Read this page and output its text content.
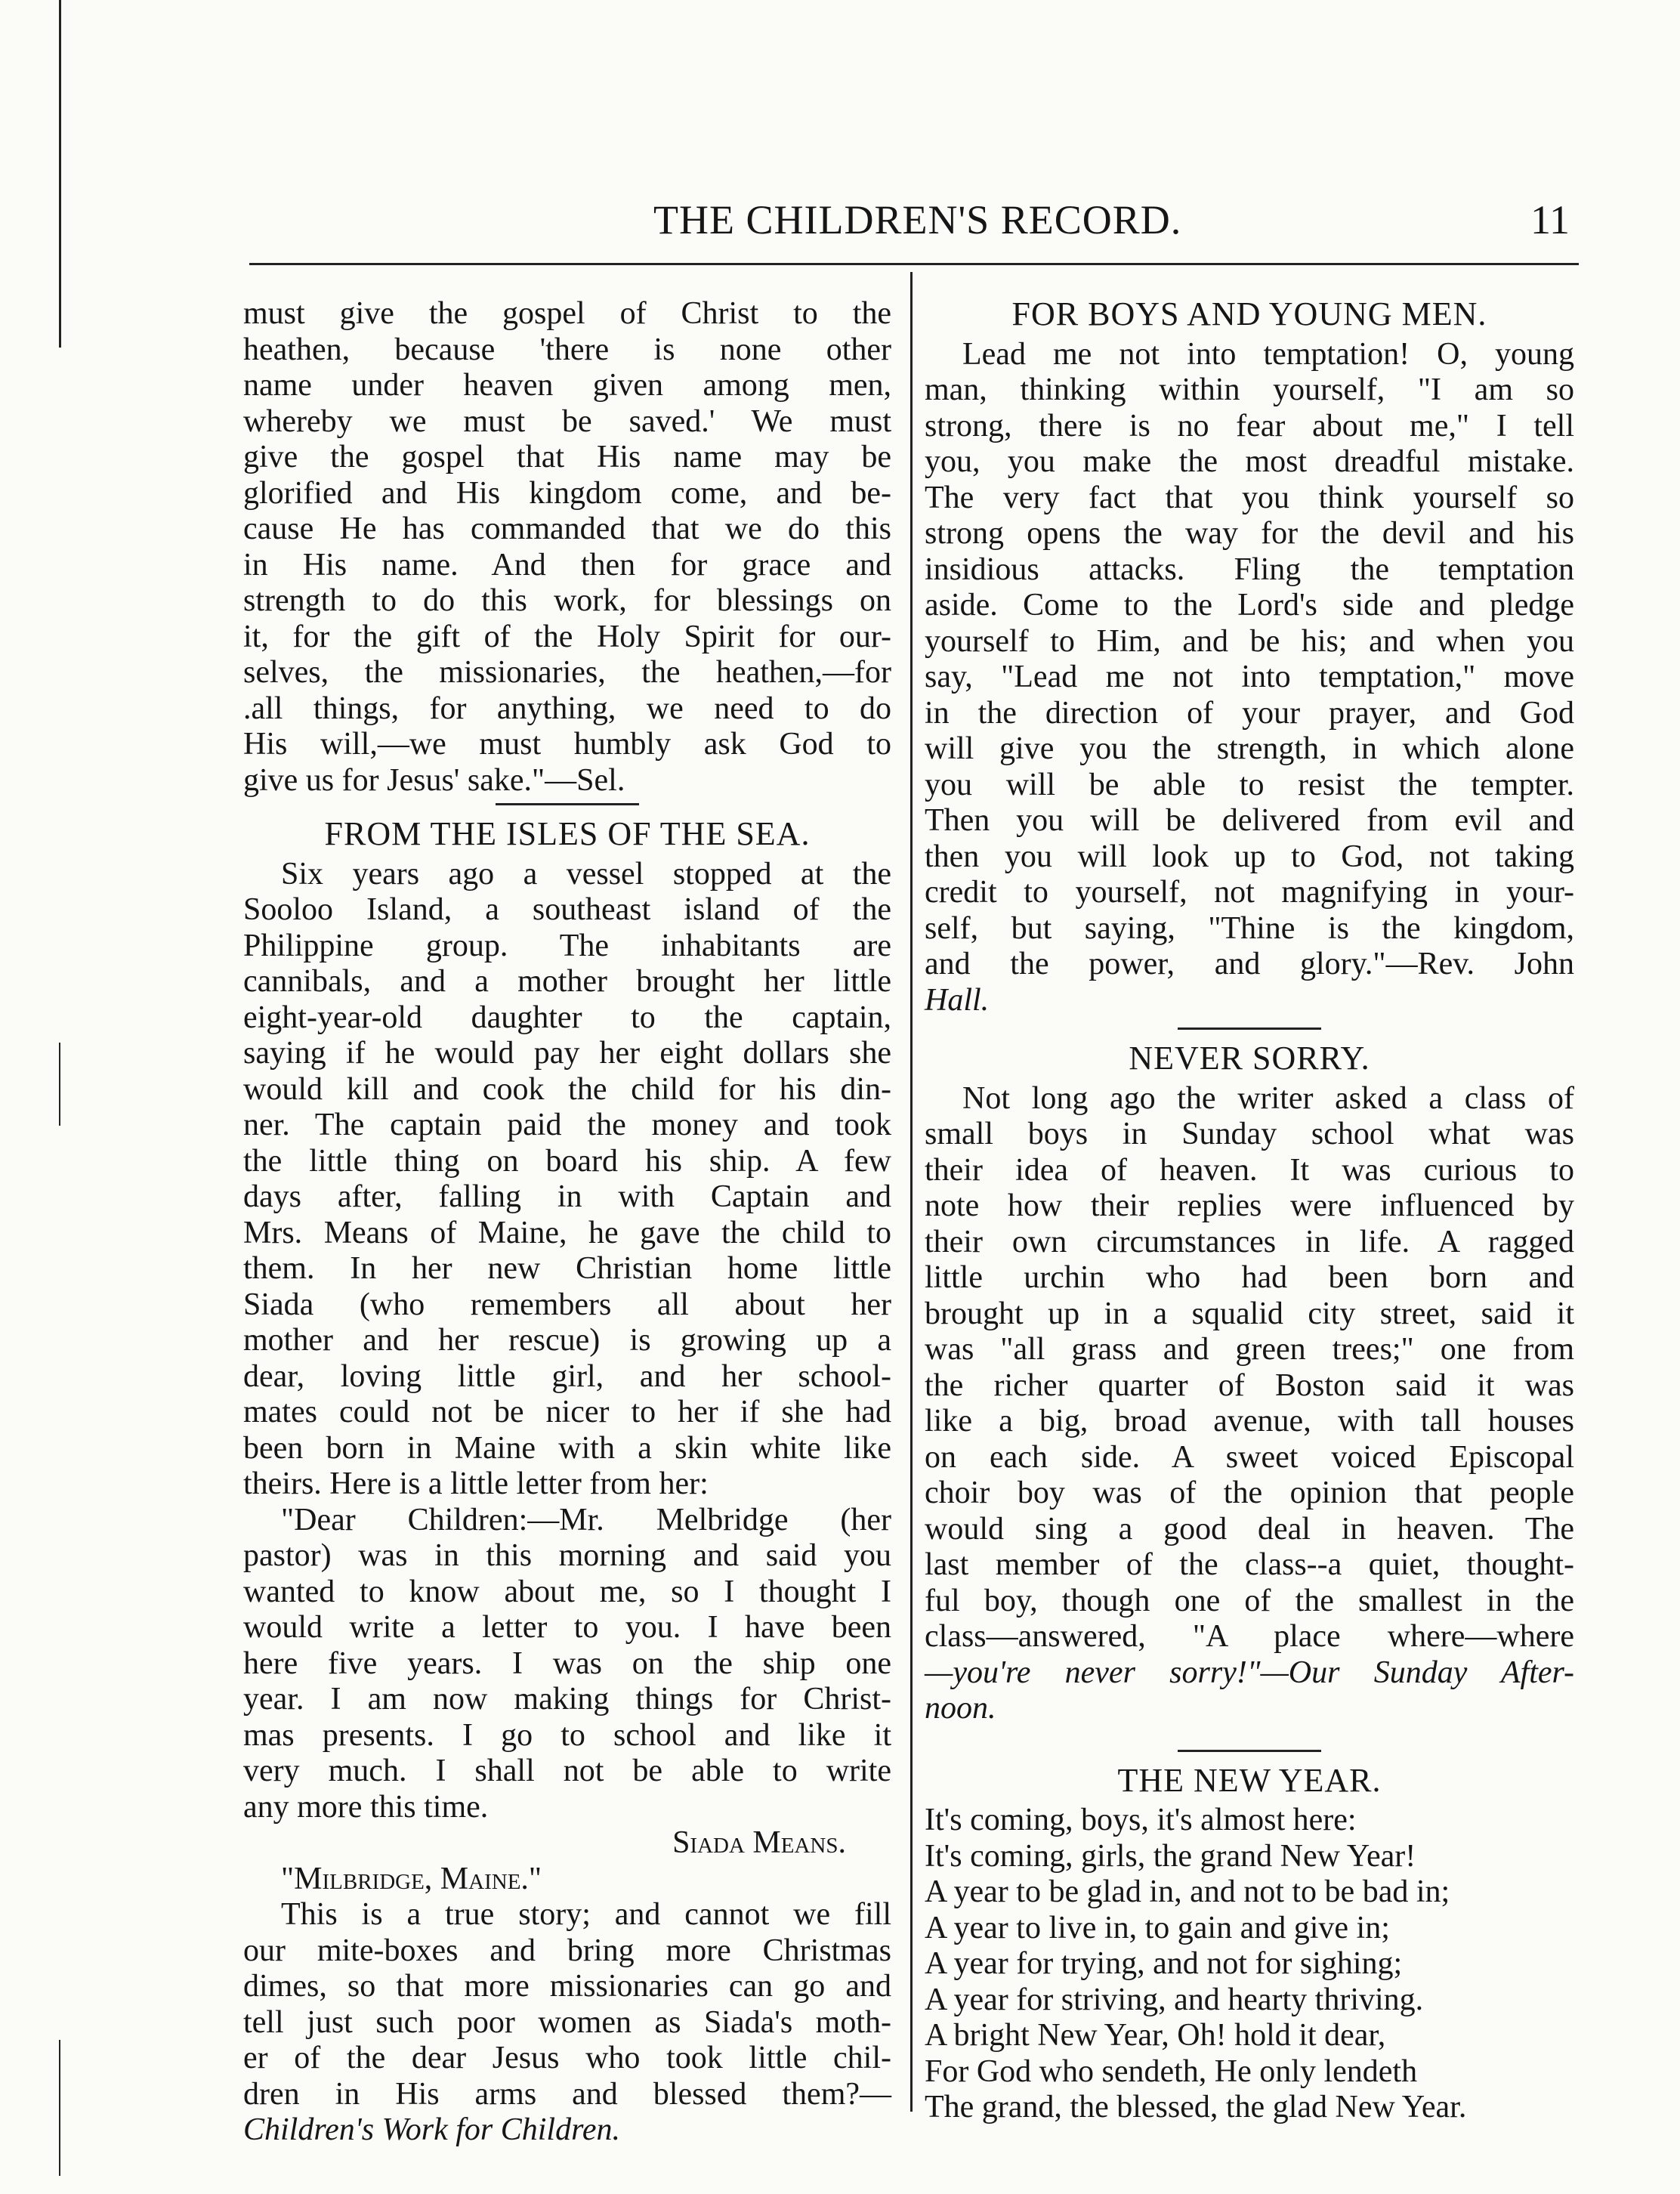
THE CHILDREN'S RECORD.	11
must give the gospel of Christ to the
heathen, because 'there is none other
name under heaven given among men,
whereby we must be saved.' We must
give the gospel that His name may be
glorified and His kingdom come, and be-
cause He has commanded that we do this
in His name. And then for grace and
strength to do this work, for blessings on
it, for the gift of the Holy Spirit for our-
selves, the missionaries, the heathen,—for
.all things, for anything, we need to do
His will,—we must humbly ask God to
give us for Jesus' sake."—Sel.
FROM THE ISLES OF THE SEA.
Six years ago a vessel stopped at the
Sooloo Island, a southeast island of the
Philippine group. The inhabitants are
cannibals, and a mother brought her little
eight-year-old daughter to the captain,
saying if he would pay her eight dollars she
would kill and cook the child for his din-
ner. The captain paid the money and took
the little thing on board his ship. A few
days after, falling in with Captain and
Mrs. Means of Maine, he gave the child to
them. In her new Christian home little
Siada (who remembers all about her
mother and her rescue) is growing up a
dear, loving little girl, and her school-
mates could not be nicer to her if she had
been born in Maine with a skin white like
theirs. Here is a little letter from her:
"Dear Children:—Mr. Melbridge (her
pastor) was in this morning and said you
wanted to know about me, so I thought I
would write a letter to you. I have been
here five years. I was on the ship one
year. I am now making things for Christ-
mas presents. I go to school and like it
very much. I shall not be able to write
any more this time.
Siada Means.
"Milbridge, Maine."
This is a true story; and cannot we fill
our mite-boxes and bring more Christmas
dimes, so that more missionaries can go and
tell just such poor women as Siada's moth-
er of the dear Jesus who took little chil-
dren in His arms and blessed them?—
Children's Work for Children.
FOR BOYS AND YOUNG MEN.
Lead me not into temptation! O, young
man, thinking within yourself, "I am so
strong, there is no fear about me," I tell
you, you make the most dreadful mistake.
The very fact that you think yourself so
strong opens the way for the devil and his
insidious attacks. Fling the temptation
aside. Come to the Lord's side and pledge
yourself to Him, and be his; and when you
say, "Lead me not into temptation," move
in the direction of your prayer, and God
will give you the strength, in which alone
you will be able to resist the tempter.
Then you will be delivered from evil and
then you will look up to God, not taking
credit to yourself, not magnifying in your-
self, but saying, "Thine is the kingdom,
and the power, and glory."—Rev. John
Hall.
NEVER SORRY.
Not long ago the writer asked a class of
small boys in Sunday school what was
their idea of heaven. It was curious to
note how their replies were influenced by
their own circumstances in life. A ragged
little urchin who had been born and
brought up in a squalid city street, said it
was "all grass and green trees;" one from
the richer quarter of Boston said it was
like a big, broad avenue, with tall houses
on each side. A sweet voiced Episcopal
choir boy was of the opinion that people
would sing a good deal in heaven. The
last member of the class--a quiet, thought-
ful boy, though one of the smallest in the
class—answered, "A place where—where
—you're never sorry!"—Our Sunday After-
noon.
THE NEW YEAR.
It's coming, boys, it's almost here:
It's coming, girls, the grand New Year!
A year to be glad in, and not to be bad in;
A year to live in, to gain and give in;
A year for trying, and not for sighing;
A year for striving, and hearty thriving.
A bright New Year, Oh! hold it dear,
For God who sendeth, He only lendeth
The grand, the blessed, the glad New Year.
